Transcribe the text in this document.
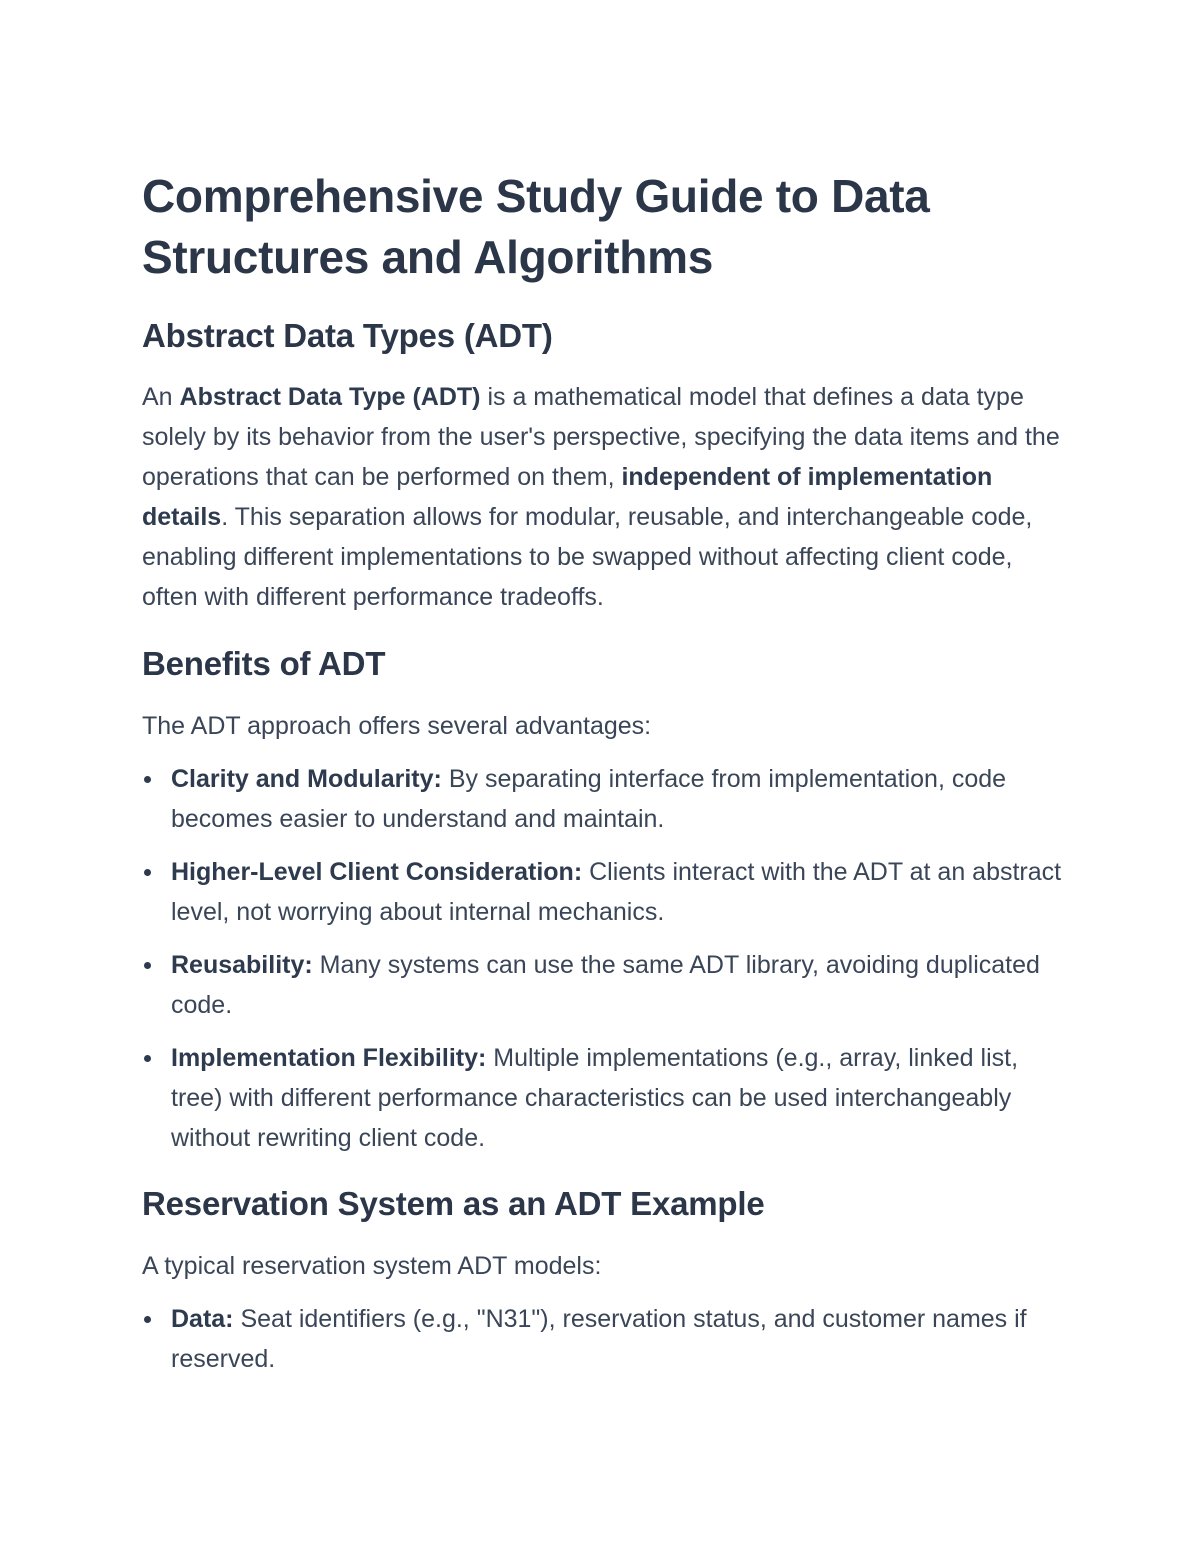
Comprehensive Study Guide to Data Structures and Algorithms
Abstract Data Types (ADT)

An Abstract Data Type (ADT) is a mathematical model that defines a data type solely by its behavior from the user's perspective, specifying the data items and the operations that can be performed on them, independent of implementation details. This separation allows for modular, reusable, and interchangeable code, enabling different implementations to be swapped without affecting client code, often with different performance tradeoffs.

Benefits of ADT

The ADT approach offers several advantages:

Clarity and Modularity: By separating interface from implementation, code becomes easier to understand and maintain.
Higher-Level Client Consideration: Clients interact with the ADT at an abstract level, not worrying about internal mechanics.
Reusability: Many systems can use the same ADT library, avoiding duplicated code.
Implementation Flexibility: Multiple implementations (e.g., array, linked list, tree) with different performance characteristics can be used interchangeably without rewriting client code.
Reservation System as an ADT Example

A typical reservation system ADT models:

Data: Seat identifiers (e.g., "N31"), reservation status, and customer names if reserved.
